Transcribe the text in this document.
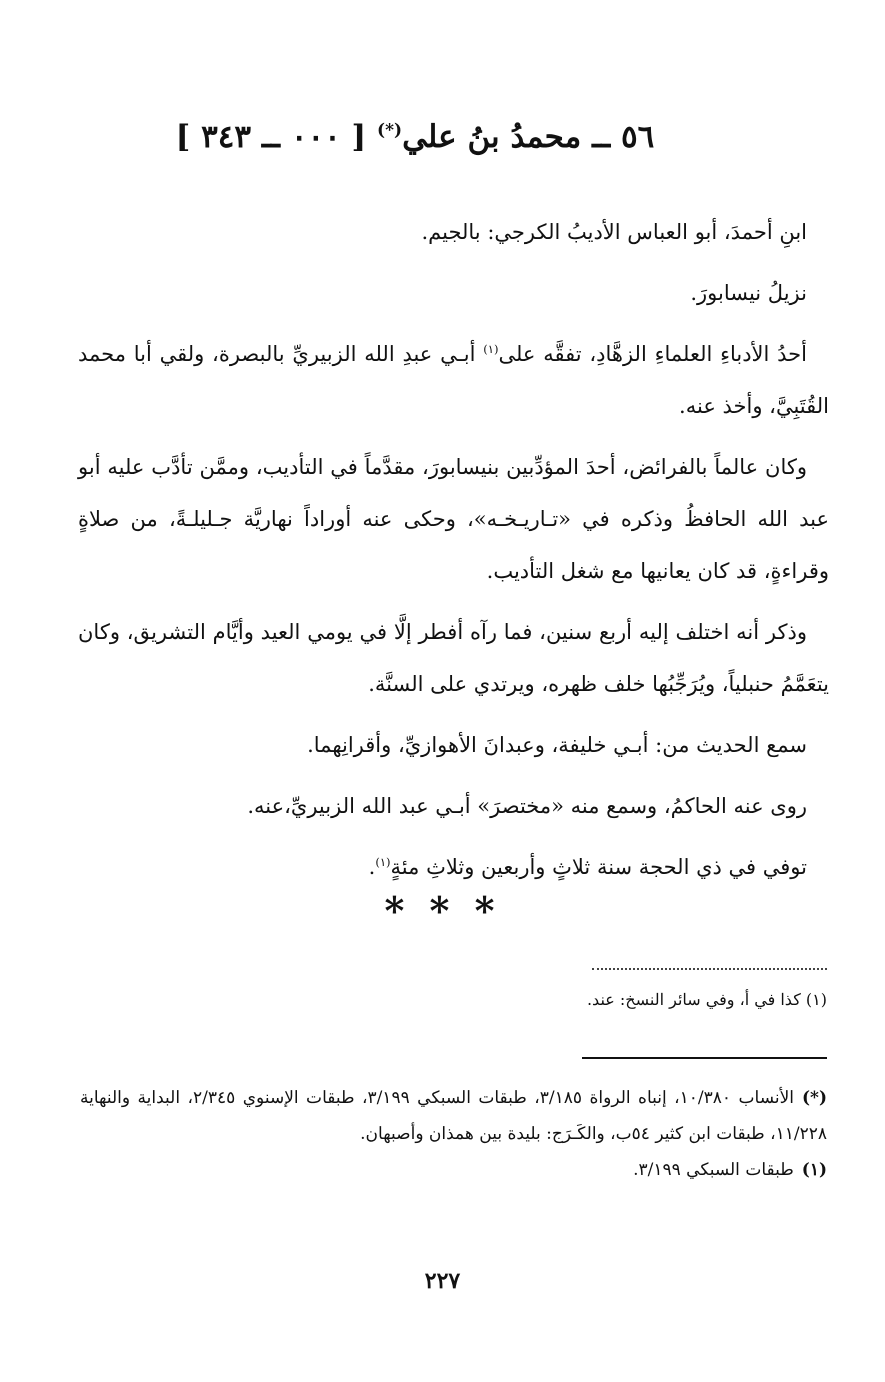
٥٦ ــ محمدُ بنُ علي(*) [ ٠٠٠ ــ ٣٤٣ ]

ابنِ أحمدَ، أبو العباس الأديبُ الكرجي: بالجيم.

نزيلُ نيسابورَ.

أحدُ الأدباءِ العلماءِ الزهَّادِ، تفقَّه على$^{(١)}$ أبـي عبدِ الله الزبيريِّ بالبصرة، ولقي أبا محمد القُتَبِيَّ، وأخذ عنه.

وكان عالماً بالفرائض، أحدَ المؤدِّبين بنيسابورَ، مقدَّماً في التأديب، وممَّن تأدَّب عليه أبو عبد الله الحافظُ وذكره في «تـاريـخـه»، وحكى عنه أوراداً نهاريَّة جـليلـةً، من صلاةٍ وقراءةٍ، قد كان يعانيها مع شغل التأديب.

وذكر أنه اختلف إليه أربع سنين، فما رآه أفطر إلَّا في يومي العيد وأيَّام التشريق، وكان يتعَمَّمُ حنبلياً، ويُرَجِّبُها خلف ظهره، ويرتدي على السنَّة.

سمع الحديث من: أبـي خليفة، وعبدانَ الأهوازيِّ، وأقرانِهما.

روى عنه الحاكمُ، وسمع منه «مختصرَ» أبـي عبد الله الزبيريِّ،عنه.

توفي في ذي الحجة سنة ثلاثٍ وأربعين وثلاثِ مئةٍ$^{(١)}$.

* * *
(١) كذا في أ، وفي سائر النسخ: عند.

(*)الأنساب ١٠/٣٨٠، إنباه الرواة ٣/١٨٥، طبقات السبكي ٣/١٩٩، طبقات الإسنوي ٢/٣٤٥، البداية والنهاية ١١/٢٢٨، طبقات ابن كثير ٥٤ب، والكَـرَج: بليدة بين همذان وأصبهان.

(١)طبقات السبكي ٣/١٩٩.

٢٢٧
